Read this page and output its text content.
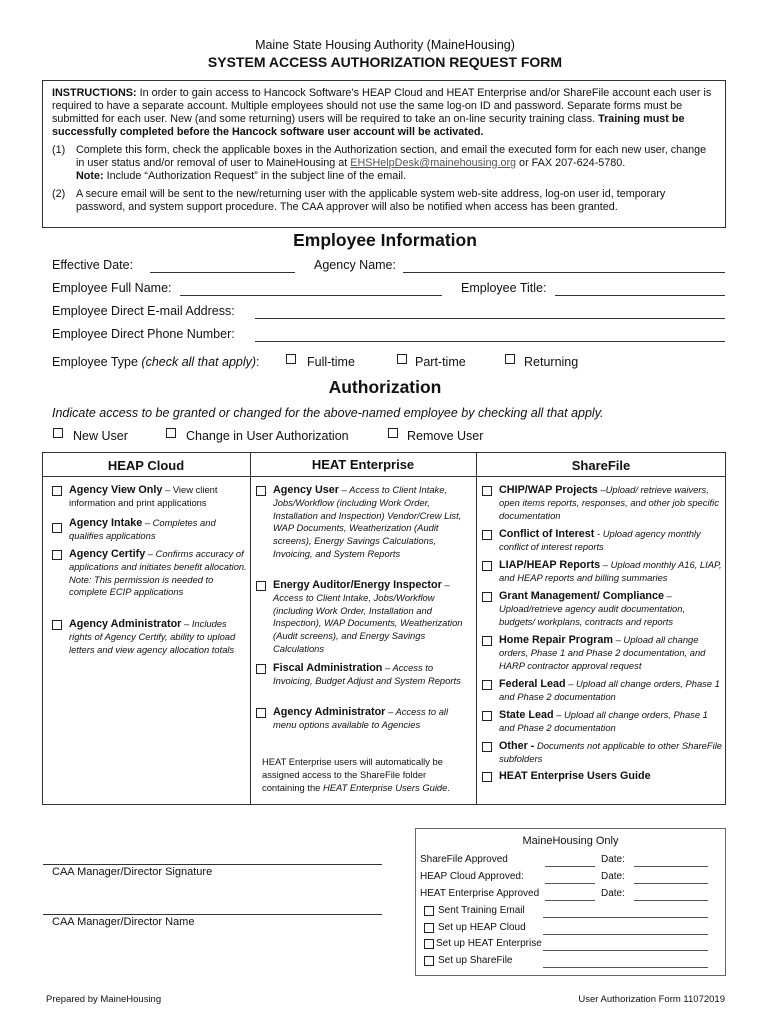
Maine State Housing Authority (MaineHousing)
SYSTEM ACCESS AUTHORIZATION REQUEST FORM

INSTRUCTIONS: In order to gain access to Hancock Software’s HEAP Cloud and HEAT Enterprise and/or ShareFile account each user is required to have a separate account. Multiple employees should not use the same log-on ID and password. Separate forms must be submitted for each user. New (and some returning) users will be required to take an on-line security training class. Training must be successfully completed before the Hancock software user account will be activated.

(1) Complete this form, check the applicable boxes in the Authorization section, and email the executed form for each new user, change in user status and/or removal of user to MaineHousing at EHSHelpDesk@mainehousing.org or FAX 207-624-5780.
Note: Include “Authorization Request” in the subject line of the email.
(2) A secure email will be sent to the new/returning user with the applicable system web-site address, log-on user id, temporary password, and system support procedure. The CAA approver will also be notified when access has been granted.
Employee Information
Effective Date:	Agency Name:
Employee Full Name:	Employee Title:
Employee Direct E-mail Address:
Employee Direct Phone Number:
Employee Type (check all that apply):	Full-time	Part-time	Returning
Authorization
Indicate access to be granted or changed for the above-named employee by checking all that apply.
New User	Change in User Authorization	Remove User
HEAP Cloud	HEAT Enterprise	ShareFile
Agency View Only – View client information and print applications
Agency Intake – Completes and qualifies applications
Agency Certify – Confirms accuracy of applications and initiates benefit allocation. Note: This permission is needed to complete ECIP applications
Agency Administrator – Includes rights of Agency Certify, ability to upload letters and view agency allocation totals
Agency User – Access to Client Intake, Jobs/Workflow (including Work Order, Installation and Inspection) Vendor/Crew List, WAP Documents, Weatherization (Audit screens), Energy Savings Calculations, Invoicing, and System Reports
Energy Auditor/Energy Inspector – Access to Client Intake, Jobs/Workflow (including Work Order, Installation and Inspection), WAP Documents, Weatherization (Audit screens), and Energy Savings Calculations
Fiscal Administration – Access to Invoicing, Budget Adjust and System Reports
Agency Administrator – Access to all menu options available to Agencies
HEAT Enterprise users will automatically be assigned access to the ShareFile folder containing the HEAT Enterprise Users Guide.
CHIP/WAP Projects –Upload/ retrieve waivers, open items reports, responses, and other job specific documentation
Conflict of Interest - Upload agency monthly conflict of interest reports
LIAP/HEAP Reports – Upload monthly A16, LIAP, and HEAP reports and billing summaries
Grant Management/ Compliance – Upload/retrieve agency audit documentation, budgets/ workplans, contracts and reports
Home Repair Program – Upload all change orders, Phase 1 and Phase 2 documentation, and HARP contractor approval request
Federal Lead – Upload all change orders, Phase 1 and Phase 2 documentation
State Lead – Upload all change orders, Phase 1 and Phase 2 documentation
Other - Documents not applicable to other ShareFile subfolders
HEAT Enterprise Users Guide
CAA Manager/Director Signature
CAA Manager/Director Name
MaineHousing Only
ShareFile Approved	Date:
HEAP Cloud Approved:	Date:
HEAT Enterprise Approved	Date:
Sent Training Email
Set up HEAP Cloud
Set up HEAT Enterprise
Set up ShareFile
Prepared by MaineHousing	User Authorization Form 11072019
